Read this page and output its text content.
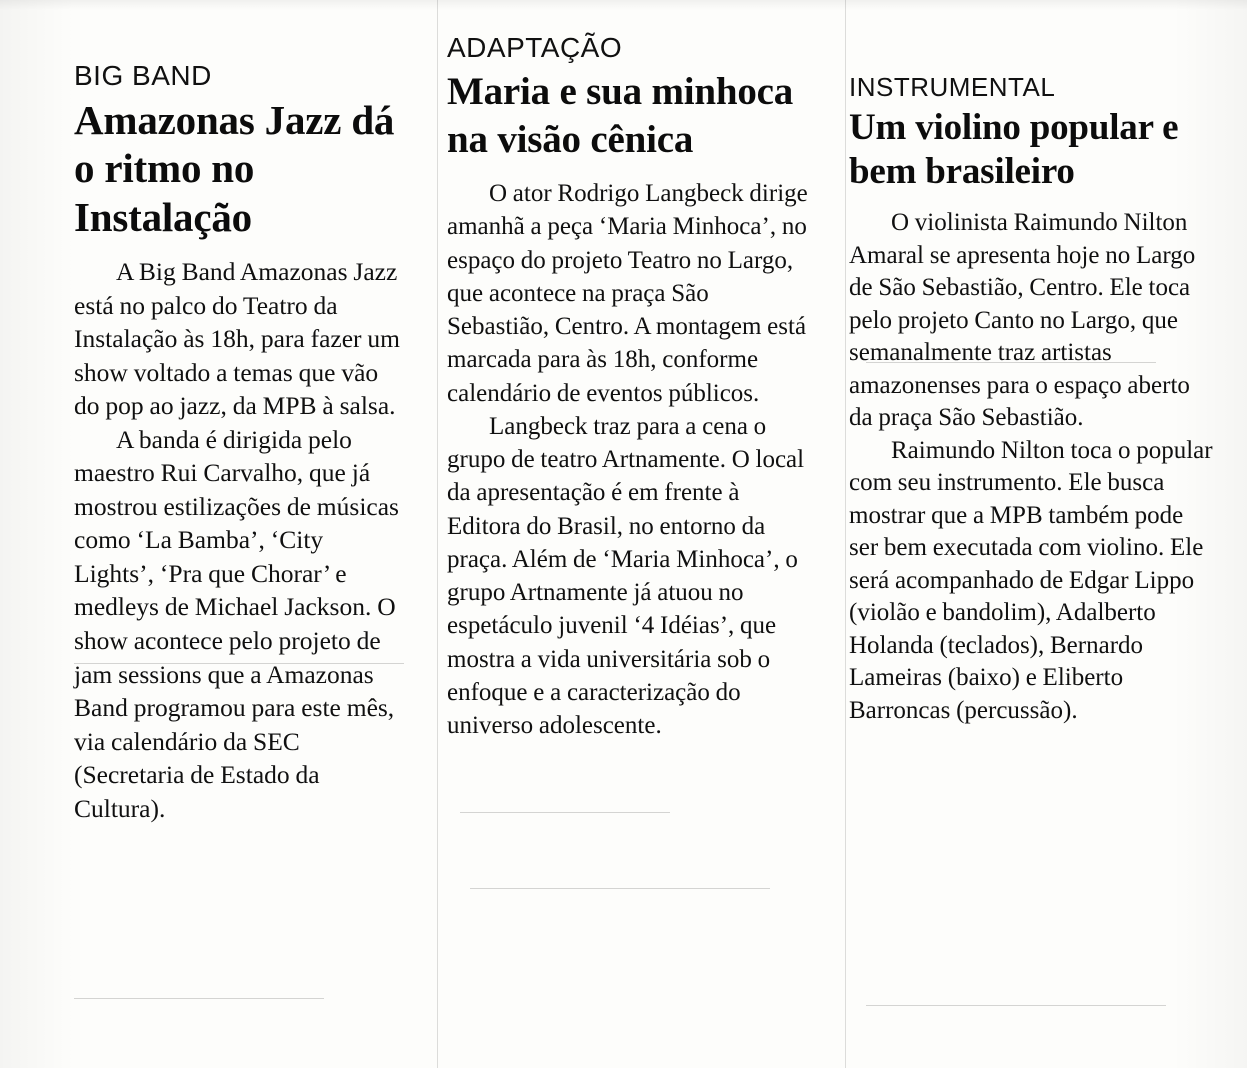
BIG BAND
Amazonas Jazz dá o ritmo no Instalação

A Big Band Amazonas Jazz está no palco do Teatro da Instalação às 18h, para fazer um show voltado a temas que vão do pop ao jazz, da MPB à salsa.

A banda é dirigida pelo maestro Rui Carvalho, que já mostrou estilizações de músicas como ‘La Bamba’, ‘City Lights’, ‘Pra que Chorar’ e medleys de Michael Jackson. O show acontece pelo projeto de jam sessions que a Amazonas Band programou para este mês, via calendário da SEC (Secretaria de Estado da Cultura).

ADAPTAÇÃO
Maria e sua minhoca na visão cênica

O ator Rodrigo Langbeck dirige amanhã a peça ‘Maria Minhoca’, no espaço do projeto Teatro no Largo, que acontece na praça São Sebastião, Centro. A montagem está marcada para às 18h, conforme calendário de eventos públicos.

Langbeck traz para a cena o grupo de teatro Artnamente. O local da apresentação é em frente à Editora do Brasil, no entorno da praça. Além de ‘Maria Minhoca’, o grupo Artnamente já atuou no espetáculo juvenil ‘4 Idéias’, que mostra a vida universitária sob o enfoque e a caracterização do universo adolescente.

INSTRUMENTAL
Um violino popular e bem brasileiro

O violinista Raimundo Nilton Amaral se apresenta hoje no Largo de São Sebastião, Centro. Ele toca pelo projeto Canto no Largo, que semanalmente traz artistas amazonenses para o espaço aberto da praça São Sebastião.

Raimundo Nilton toca o popular com seu instrumento. Ele busca mostrar que a MPB também pode ser bem executada com violino. Ele será acompanhado de Edgar Lippo (violão e bandolim), Adalberto Holanda (teclados), Bernardo Lameiras (baixo) e Eliberto Barroncas (percussão).
